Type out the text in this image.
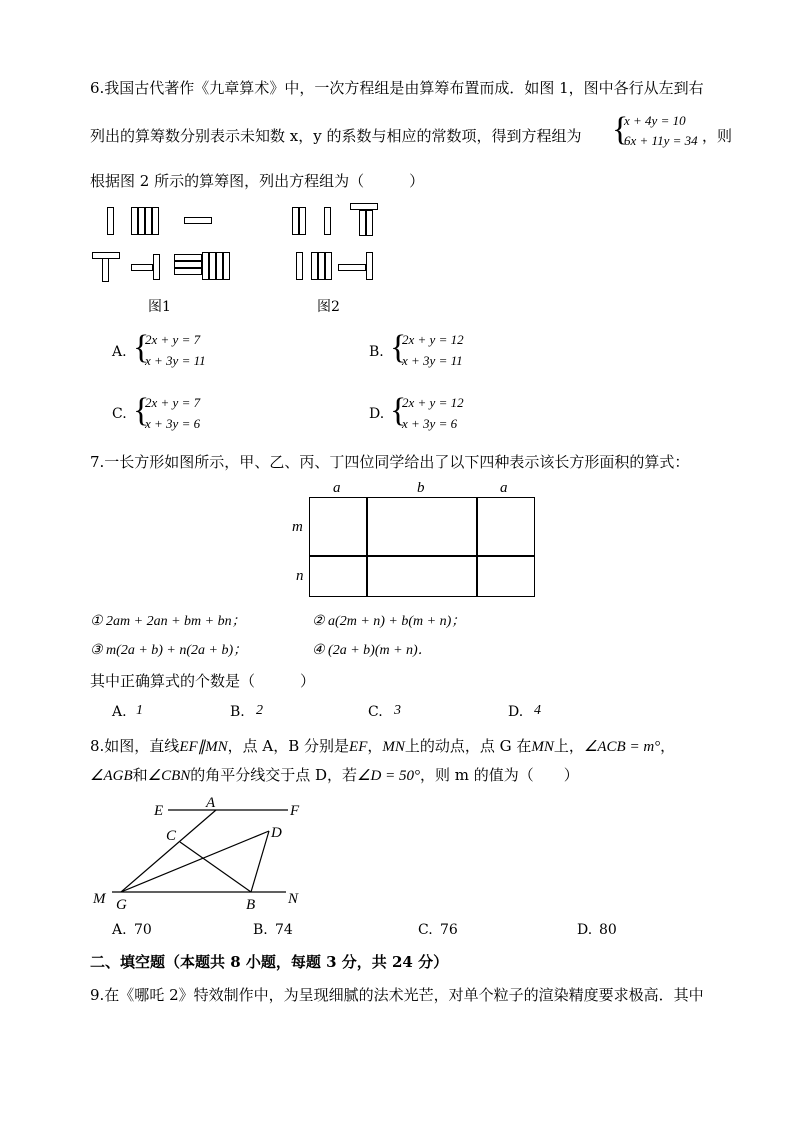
6.我国古代著作《九章算术》中，一次方程组是由算筹布置而成．如图 1，图中各行从左到右
列出的算筹数分别表示未知数 x，y 的系数与相应的常数项，得到方程组为 {
x + 4y = 10
6x + 11y = 34 ，则
根据图 2 所示的算筹图，列出方程组为（　　　）
图1	图2
A. {
2x + y = 7
x + 3y = 11
B. {
2x + y = 12
x + 3y = 11
C. {
2x + y = 7
x + 3y = 6
D. {
2x + y = 12
x + 3y = 6
7.一长方形如图所示，甲、乙、丙、丁四位同学给出了以下四种表示该长方形面积的算式：
a	b	a
m
n
① 2am + 2an + bm + bn；	② a(2m + n) + b(m + n)；
③ m(2a + b) + n(2a + b)；	④ (2a + b)(m + n)．
其中正确算式的个数是（　　　）
A. 1	B. 2	C. 3	D. 4
8.如图，直线EF∥MN，点 A，B 分别是EF，MN上的动点，点 G 在MN上，∠ACB = m°，
∠AGB和∠CBN的角平分线交于点 D，若∠D = 50°，则 m 的值为（　　）
E	A	F
C	D
M G	B N
A. 70	B. 74	C. 76	D. 80
二、填空题（本题共 8 小题，每题 3 分，共 24 分）
9.在《哪吒 2》特效制作中，为呈现细腻的法术光芒，对单个粒子的渲染精度要求极高．其中
